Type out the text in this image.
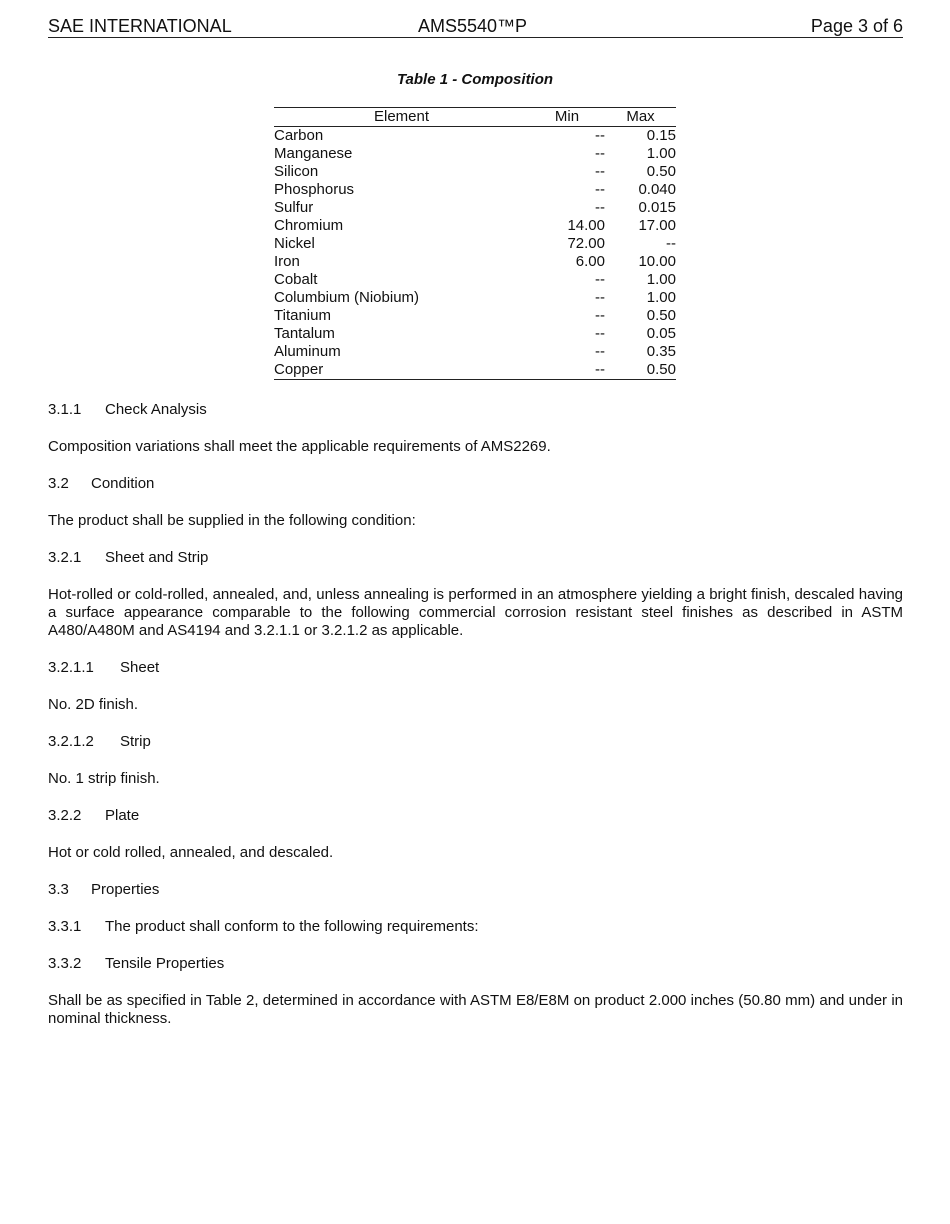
SAE INTERNATIONAL	AMS5540™P	Page 3 of 6
Table 1 - Composition
Element	Min	Max
Carbon	--	0.15
Manganese	--	1.00
Silicon	--	0.50
Phosphorus	--	0.040
Sulfur	--	0.015
Chromium	14.00	17.00
Nickel	72.00	--
Iron	6.00	10.00
Cobalt	--	1.00
Columbium (Niobium)	--	1.00
Titanium	--	0.50
Tantalum	--	0.05
Aluminum	--	0.35
Copper	--	0.50
3.1.1 Check Analysis
Composition variations shall meet the applicable requirements of AMS2269.
3.2 Condition
The product shall be supplied in the following condition:
3.2.1 Sheet and Strip
Hot-rolled or cold-rolled, annealed, and, unless annealing is performed in an atmosphere yielding a bright finish, descaled having a surface appearance comparable to the following commercial corrosion resistant steel finishes as described in ASTM A480/A480M and AS4194 and 3.2.1.1 or 3.2.1.2 as applicable.
3.2.1.1 Sheet
No. 2D finish.
3.2.1.2 Strip
No. 1 strip finish.
3.2.2 Plate
Hot or cold rolled, annealed, and descaled.
3.3 Properties
3.3.1 The product shall conform to the following requirements:
3.3.2 Tensile Properties
Shall be as specified in Table 2, determined in accordance with ASTM E8/E8M on product 2.000 inches (50.80 mm) and under in nominal thickness.
